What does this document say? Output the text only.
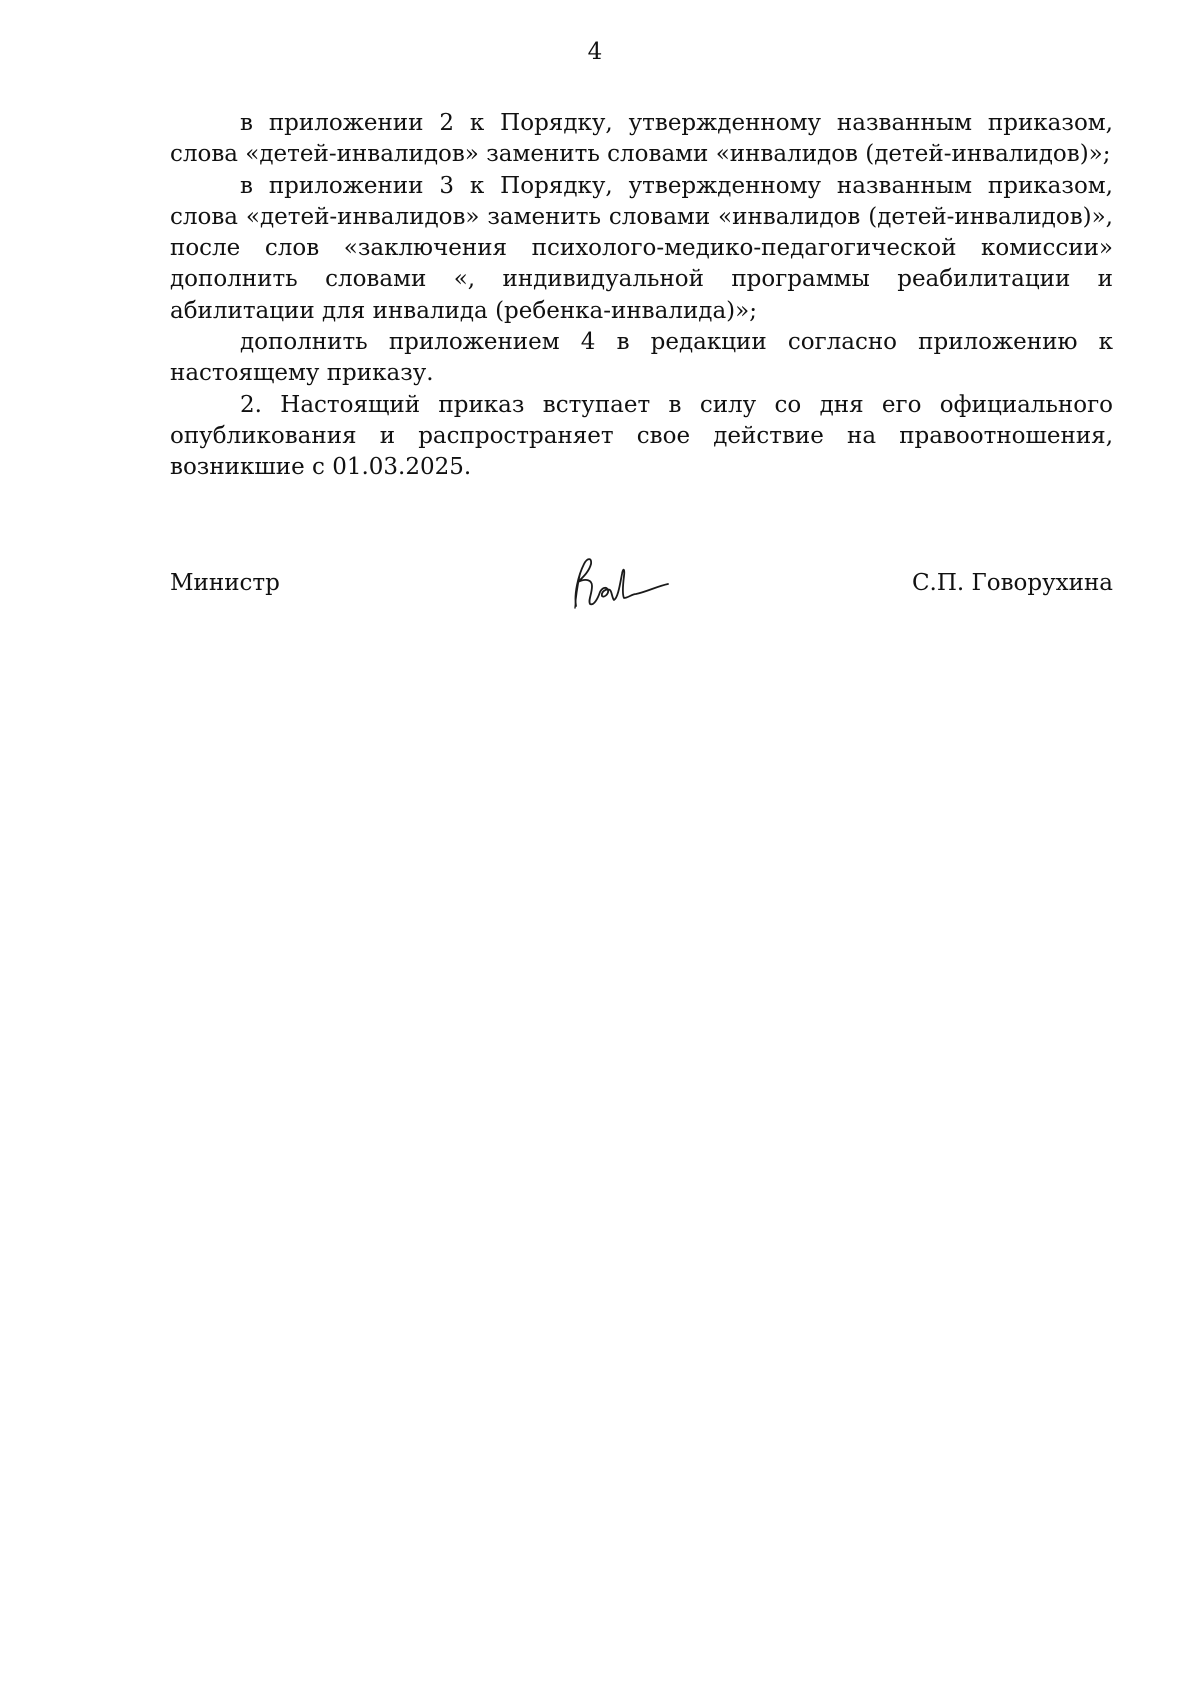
4

в приложении 2 к Порядку, утвержденному названным приказом, слова «детей-инвалидов» заменить словами «инвалидов (детей-инвалидов)»;

в приложении 3 к Порядку, утвержденному названным приказом, слова «детей-инвалидов» заменить словами «инвалидов (детей-инвалидов)», после слов «заключения психолого-медико-педагогической комиссии» дополнить словами «, индивидуальной программы реабилитации и абилитации для инвалида (ребенка-инвалида)»;

дополнить приложением 4 в редакции согласно приложению к настоящему приказу.

2. Настоящий приказ вступает в силу со дня его официального опубликования и распространяет свое действие на правоотношения, возникшие с 01.03.2025.

Министр	С.П. Говорухина
